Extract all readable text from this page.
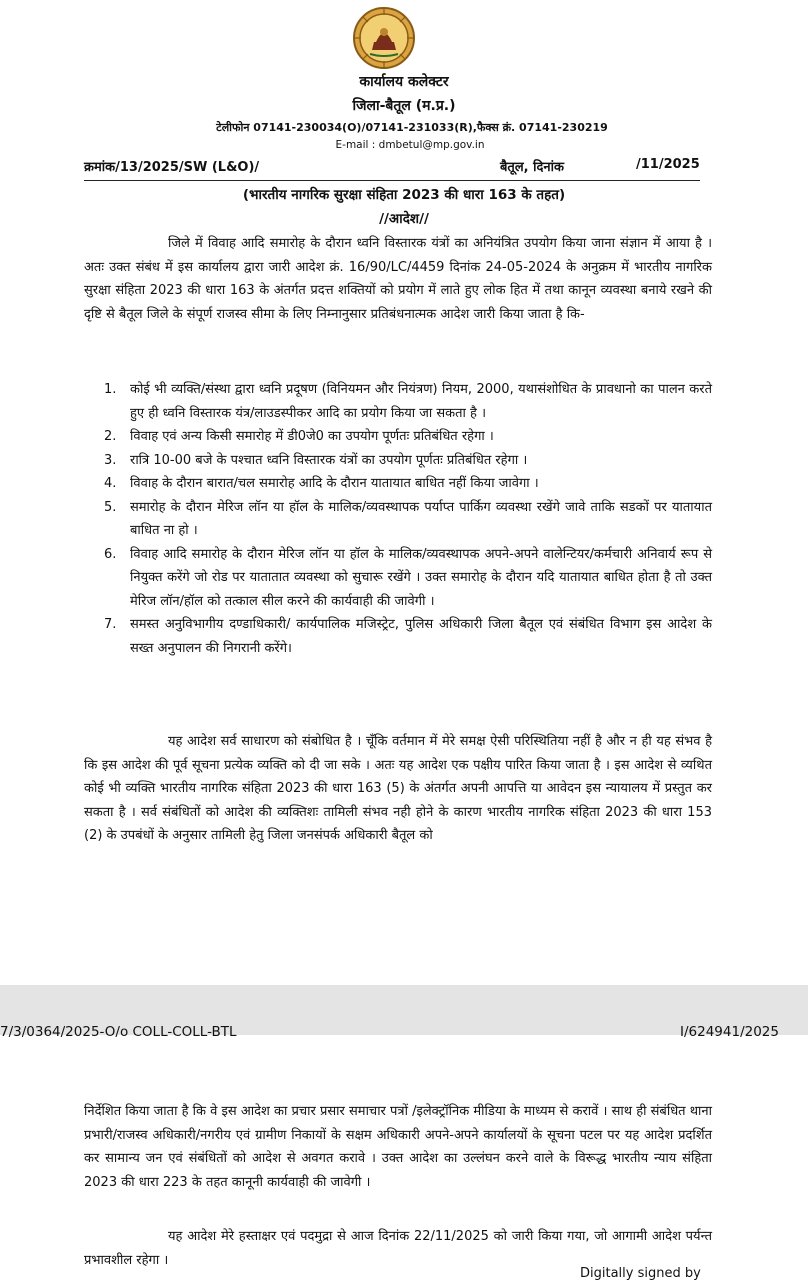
कार्यालय कलेक्टर
जिला-बैतूल (म.प्र.)
टेलीफोन 07141-230034(O)/07141-231033(R),फैक्स क्रं. 07141-230219
E-mail : dmbetul@mp.gov.in
क्रमांक/13/2025/SW (L&O)/	बैतूल, दिनांक	/11/2025
(भारतीय नागरिक सुरक्षा संहिता 2023 की धारा 163 के तहत)
//आदेश//

जिले में विवाह आदि समारोह के दौरान ध्वनि विस्तारक यंत्रों का अनियंत्रित उपयोग किया जाना संज्ञान में आया है । अतः उक्त संबंध में इस कार्यालय द्वारा जारी आदेश क्रं. 16/90/LC/4459 दिनांक 24-05-2024 के अनुक्रम में भारतीय नागरिक सुरक्षा संहिता 2023 की धारा 163 के अंतर्गत प्रदत्त शक्तियों को प्रयोग में लाते हुए लोक हित में तथा कानून व्यवस्था बनाये रखने की दृष्टि से बैतूल जिले के संपूर्ण राजस्व सीमा के लिए निम्नानुसार प्रतिबंधनात्मक आदेश जारी किया जाता है कि-

1. कोई भी व्यक्ति/संस्था द्वारा ध्वनि प्रदूषण (विनियमन और नियंत्रण) नियम, 2000, यथासंशोधित के प्रावधानो का पालन करते हुए ही ध्वनि विस्तारक यंत्र/लाउडस्पीकर आदि का प्रयोग किया जा सकता है ।
2. विवाह एवं अन्य किसी समारोह में डी0जे0 का उपयोग पूर्णतः प्रतिबंधित रहेगा ।
3. रात्रि 10-00 बजे के पश्चात ध्वनि विस्तारक यंत्रों का उपयोग पूर्णतः प्रतिबंधित रहेगा ।
4. विवाह के दौरान बारात/चल समारोह आदि के दौरान यातायात बाधित नहीं किया जावेगा ।
5. समारोह के दौरान मेरिज लॉन या हॉल के मालिक/व्यवस्थापक पर्याप्त पार्किग व्यवस्था रखेंगे जावे ताकि सडकों पर यातायात बाधित ना हो ।
6. विवाह आदि समारोह के दौरान मेरिज लॉन या हॉल के मालिक/व्यवस्थापक अपने-अपने वालेन्टियर/कर्मचारी अनिवार्य रूप से नियुक्त करेंगे जो रोड पर यातातात व्यवस्था को सुचारू रखेंगे । उक्त समारोह के दौरान यदि यातायात बाधित होता है तो उक्त मेरिज लॉन/हॉल को तत्काल सील करने की कार्यवाही की जावेगी ।
7. समस्त अनुविभागीय दण्डाधिकारी/ कार्यपालिक मजिस्ट्रेट, पुलिस अधिकारी जिला बैतूल एवं संबंधित विभाग इस आदेश के सख्त अनुपालन की निगरानी करेंगे।

यह आदेश सर्व साधारण को संबोधित है । चूँकि वर्तमान में मेरे समक्ष ऐसी परिस्थितिया नहीं है और न ही यह संभव है कि इस आदेश की पूर्व सूचना प्रत्येक व्यक्ति को दी जा सके । अतः यह आदेश एक पक्षीय पारित किया जाता है । इस आदेश से व्यथित कोई भी व्यक्ति भारतीय नागरिक संहिता 2023 की धारा 163 (5) के अंतर्गत अपनी आपत्ति या आवेदन इस न्यायालय में प्रस्तुत कर सकता है । सर्व संबंधितों को आदेश की व्यक्तिशः तामिली संभव नही होने के कारण भारतीय नागरिक संहिता 2023 की धारा 153 (2) के उपबंधों के अनुसार तामिली हेतु जिला जनसंपर्क अधिकारी बैतूल को

7/3/0364/2025-O/o COLL-COLL-BTL	I/624941/2025

निर्देशित किया जाता है कि वे इस आदेश का प्रचार प्रसार समाचार पत्रों /इलेक्ट्रॉनिक मीडिया के माध्यम से करावें । साथ ही संबंधित थाना प्रभारी/राजस्व अधिकारी/नगरीय एवं ग्रामीण निकायों के सक्षम अधिकारी अपने-अपने कार्यालयों के सूचना पटल पर यह आदेश प्रदर्शित कर सामान्य जन एवं संबंधितों को आदेश से अवगत करावे । उक्त आदेश का उल्लंघन करने वाले के विरूद्ध भारतीय न्याय संहिता 2023 की धारा 223 के तहत कानूनी कार्यवाही की जावेगी ।

यह आदेश मेरे हस्ताक्षर एवं पदमुद्रा से आज दिनांक 22/11/2025 को जारी किया गया, जो आगामी आदेश पर्यन्त प्रभावशील रहेगा ।

Digitally signed by
